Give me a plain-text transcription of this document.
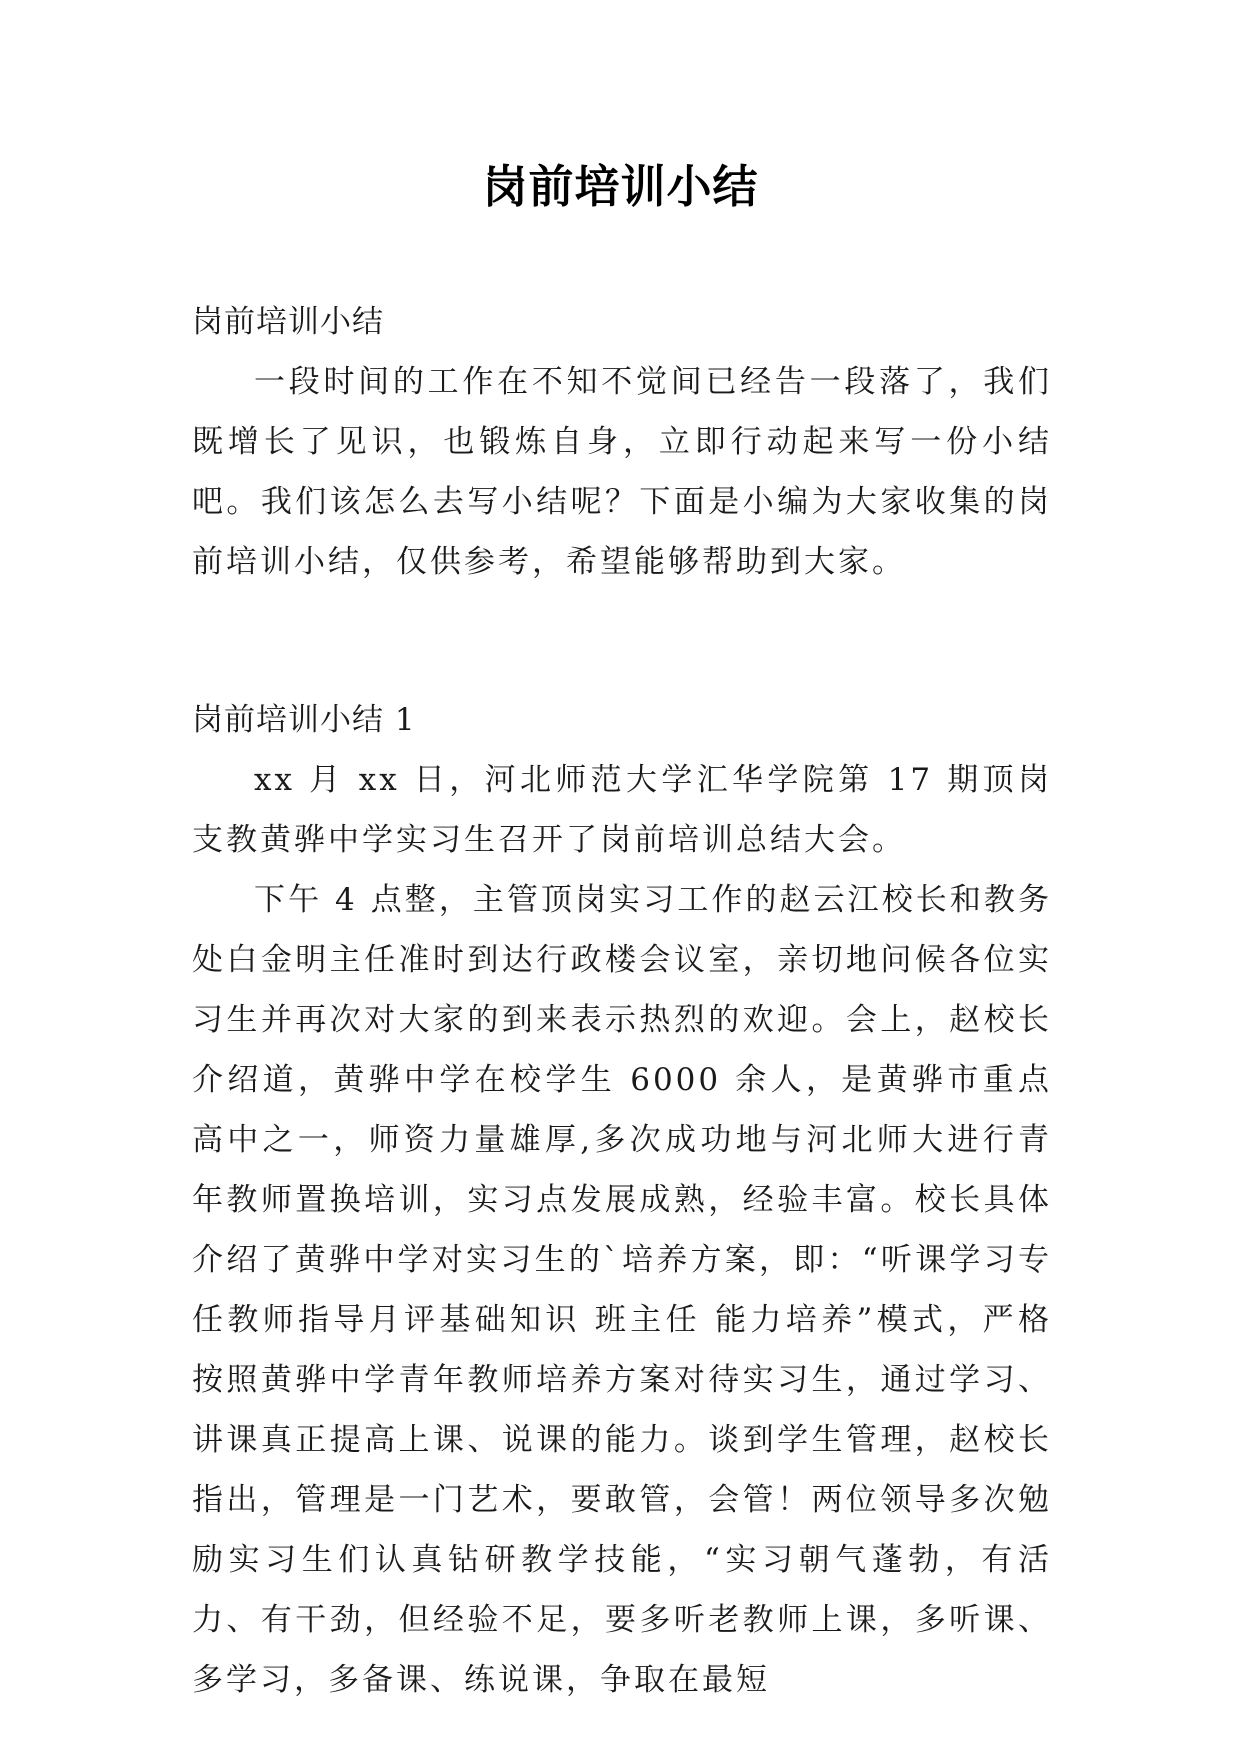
岗前培训小结

岗前培训小结

一段时间的工作在不知不觉间已经告一段落了，我们既增长了见识，也锻炼自身，立即行动起来写一份小结吧。我们该怎么去写小结呢？下面是小编为大家收集的岗前培训小结，仅供参考，希望能够帮助到大家。

岗前培训小结 1

xx 月 xx 日，河北师范大学汇华学院第 17 期顶岗支教黄骅中学实习生召开了岗前培训总结大会。

下午 4 点整，主管顶岗实习工作的赵云江校长和教务处白金明主任准时到达行政楼会议室，亲切地问候各位实习生并再次对大家的到来表示热烈的欢迎。会上，赵校长介绍道，黄骅中学在校学生 6000 余人，是黄骅市重点高中之一，师资力量雄厚,多次成功地与河北师大进行青年教师置换培训，实习点发展成熟，经验丰富。校长具体介绍了黄骅中学对实习生的`培养方案，即：“听课学习专任教师指导月评基础知识 班主任 能力培养”模式，严格按照黄骅中学青年教师培养方案对待实习生，通过学习、讲课真正提高上课、说课的能力。谈到学生管理，赵校长指出，管理是一门艺术，要敢管，会管！两位领导多次勉励实习生们认真钻研教学技能，“实习朝气蓬勃，有活力、有干劲，但经验不足，要多听老教师上课，多听课、多学习，多备课、练说课，争取在最短
